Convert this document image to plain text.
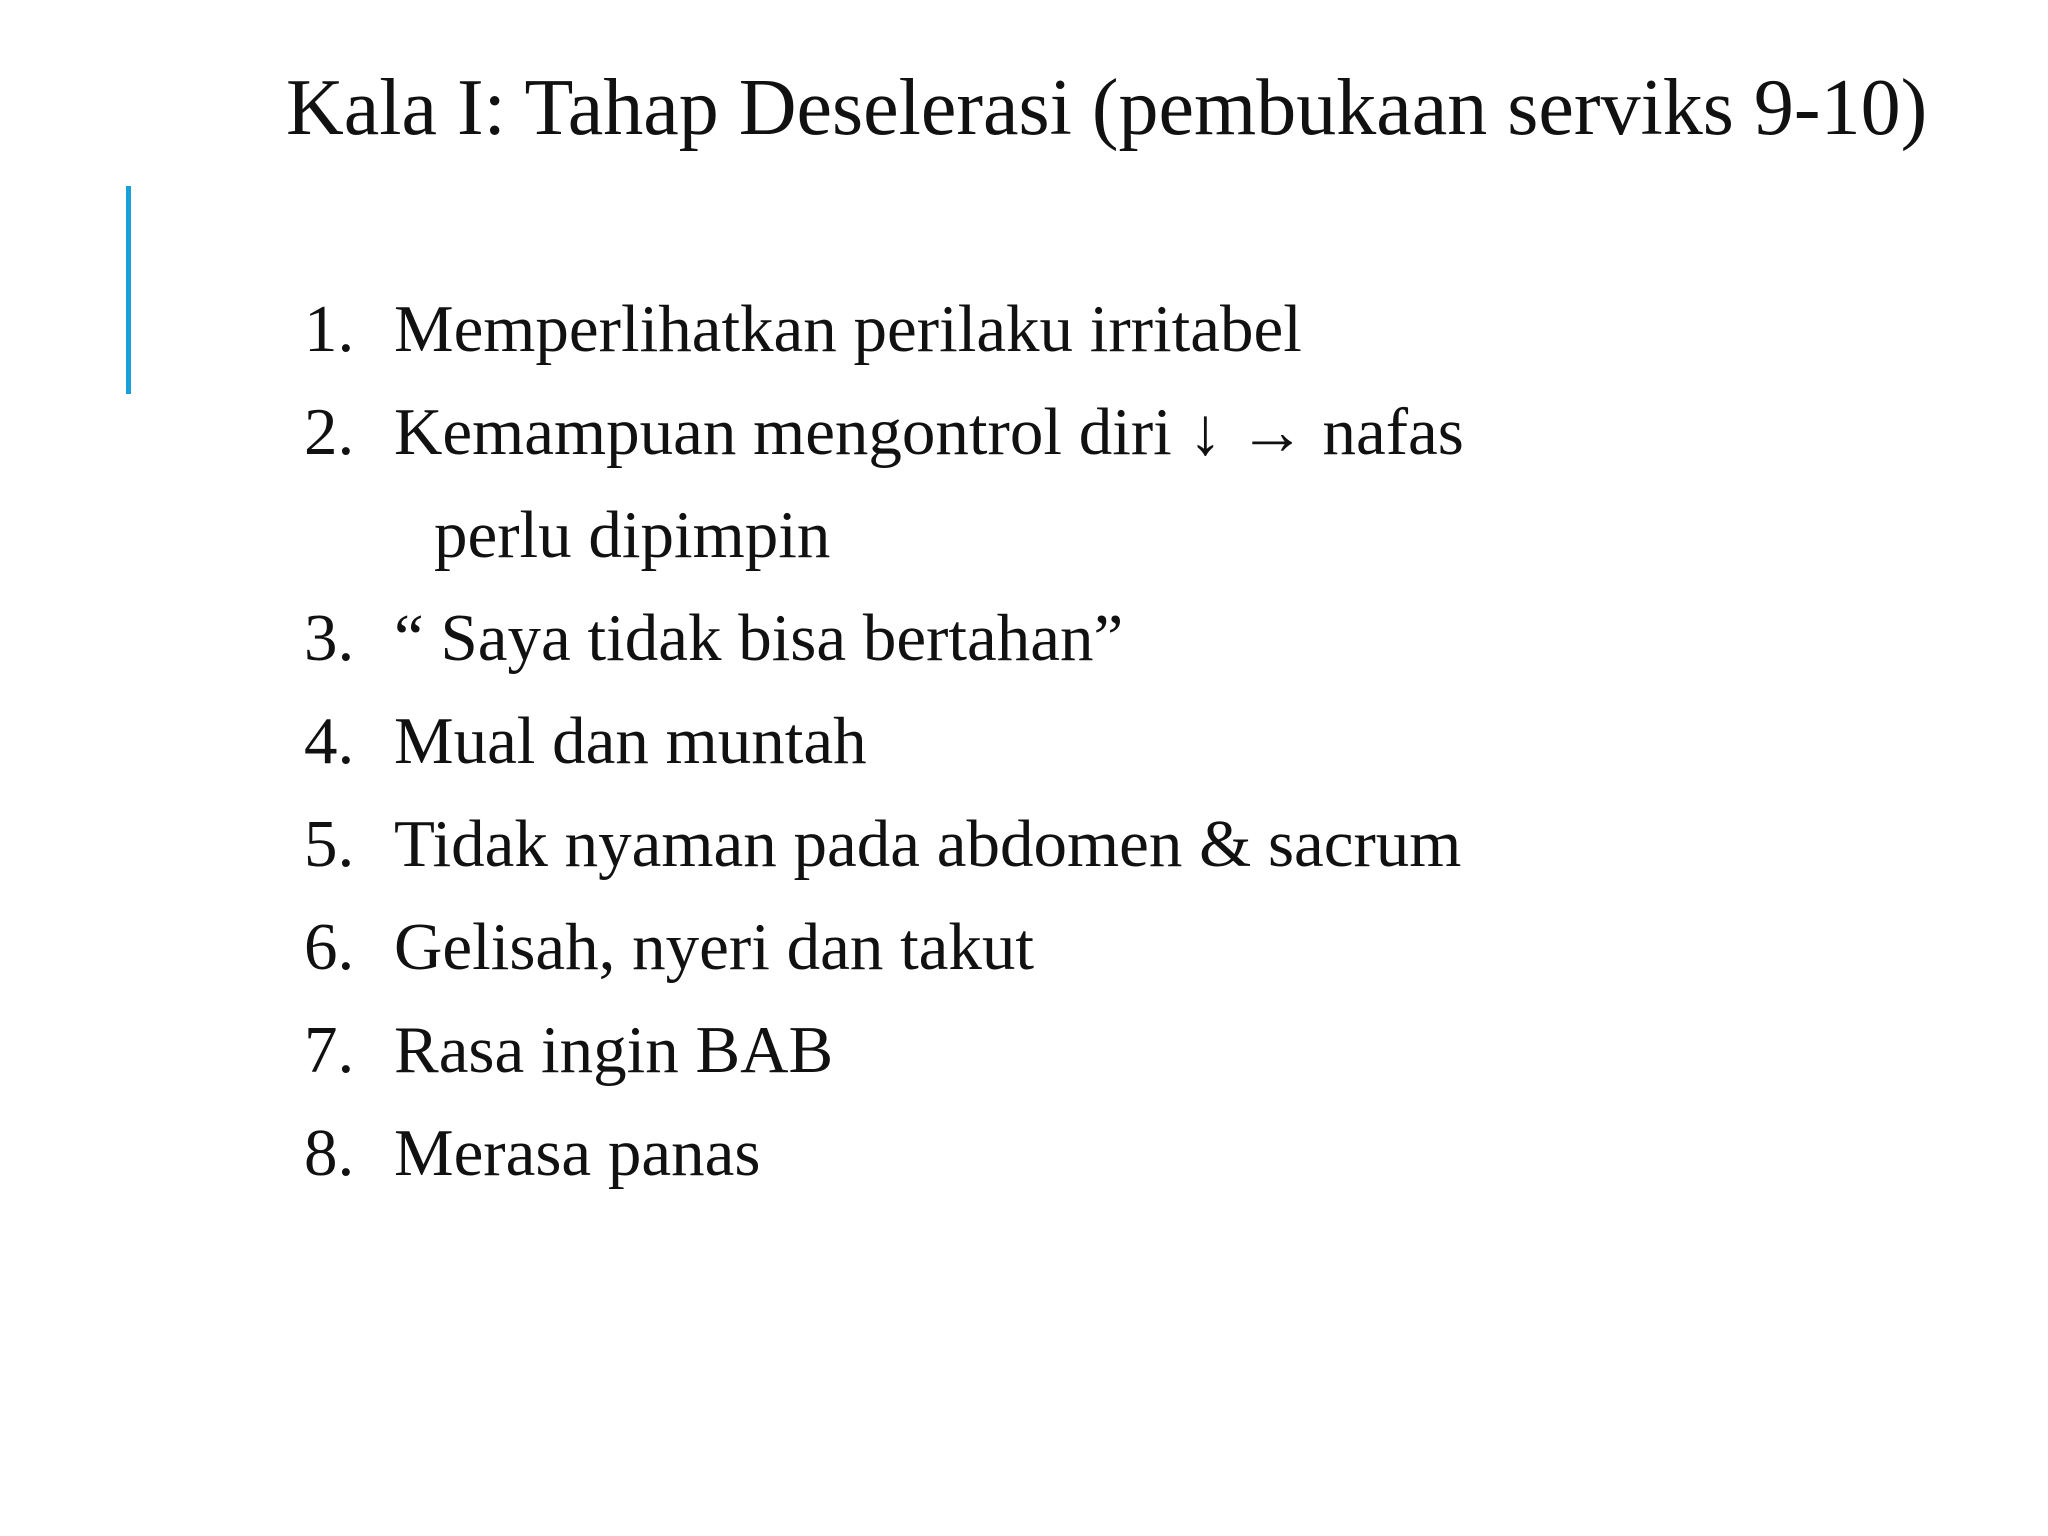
Kala I: Tahap Deselerasi (pembukaan serviks 9-10)
1. Memperlihatkan perilaku irritabel
2. Kemampuan mengontrol diri ↓ → nafas
perlu dipimpin
3. “ Saya tidak bisa bertahan”
4. Mual dan muntah
5. Tidak nyaman pada abdomen & sacrum
6. Gelisah, nyeri dan takut
7. Rasa ingin BAB
8. Merasa panas
